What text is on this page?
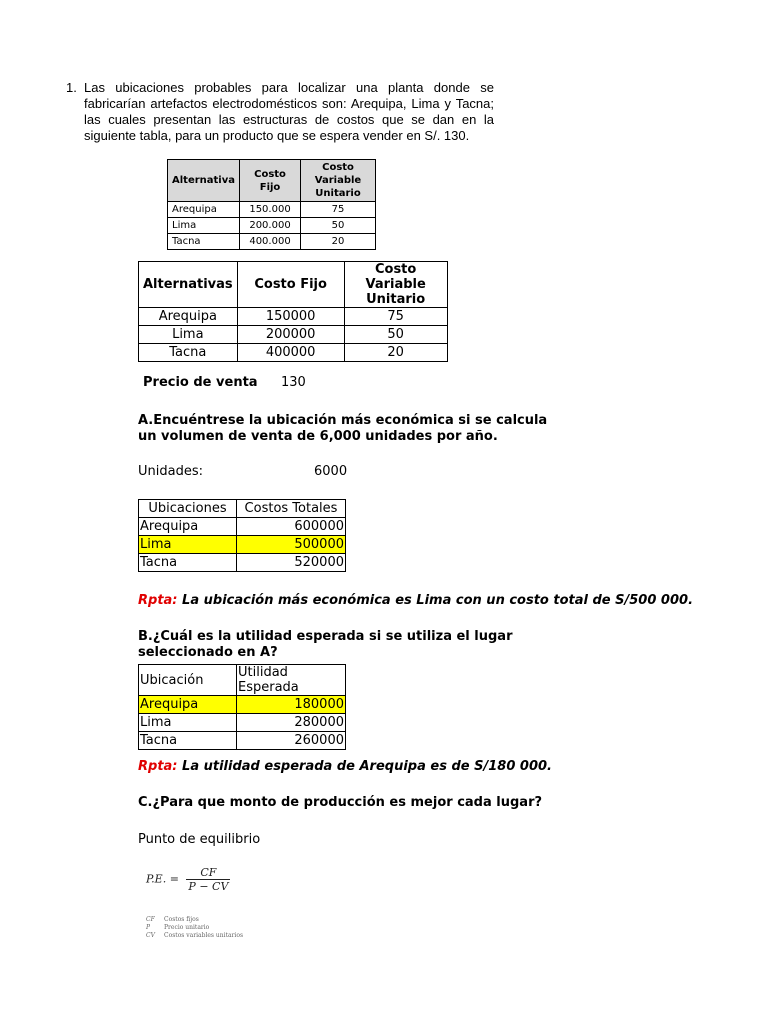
1. Las ubicaciones probables para localizar una planta donde se fabricarían artefactos electrodomésticos son: Arequipa, Lima y Tacna; las cuales presentan las estructuras de costos que se dan en la siguiente tabla, para un producto que se espera vender en S/. 130.
Alternativa	Costo Fijo	Costo Variable Unitario
Arequipa	150.000	75
Lima	200.000	50
Tacna	400.000	20
Alternativas	Costo Fijo	Costo Variable Unitario
Arequipa	150000	75
Lima	200000	50
Tacna	400000	20
Precio de venta 130
A.Encuéntrese la ubicación más económica si se calcula un volumen de venta de 6,000 unidades por año.
Unidades:	6000
Ubicaciones	Costos Totales
Arequipa	600000
Lima	500000
Tacna	520000
Rpta: La ubicación más económica es Lima con un costo total de S/500 000.
B.¿Cuál es la utilidad esperada si se utiliza el lugar seleccionado en A?
Ubicación	Utilidad Esperada
Arequipa	180000
Lima	280000
Tacna	260000
Rpta: La utilidad esperada de Arequipa es de S/180 000.
C.¿Para que monto de producción es mejor cada lugar?
Punto de equilibrio
P.E. = $\frac{CF}{P - CV}$
CF Costos fijos
P Precio unitario
CV Costos variables unitarios
